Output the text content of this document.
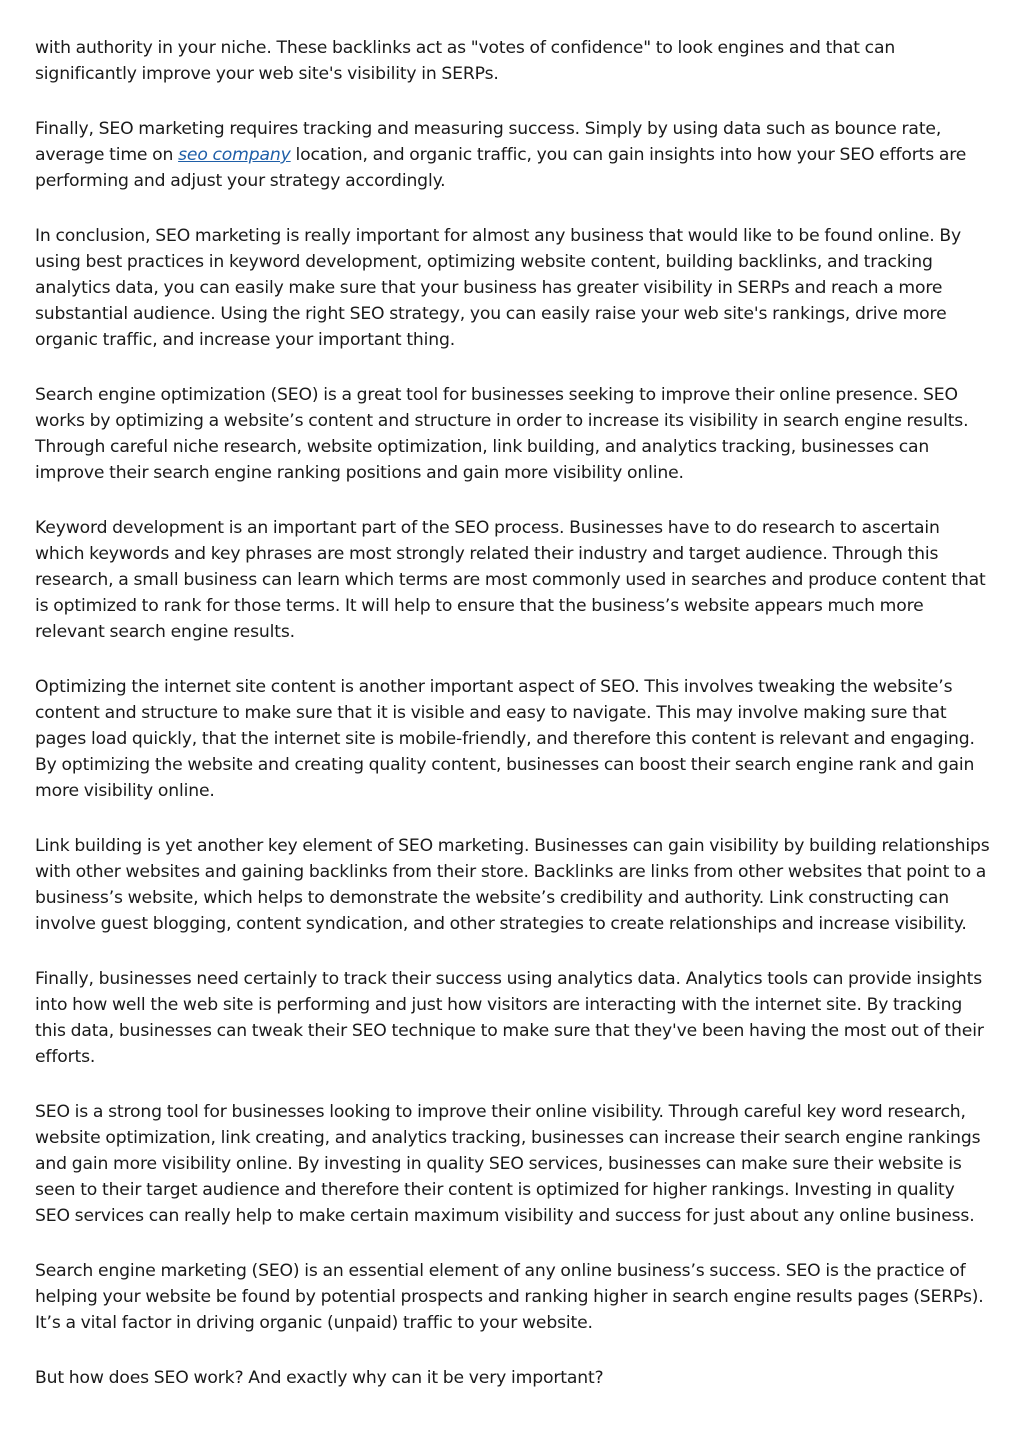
with authority in your niche. These backlinks act as "votes of confidence" to look engines and that can significantly improve your web site's visibility in SERPs.

Finally, SEO marketing requires tracking and measuring success. Simply by using data such as bounce rate, average time on seo company location, and organic traffic, you can gain insights into how your SEO efforts are performing and adjust your strategy accordingly.

In conclusion, SEO marketing is really important for almost any business that would like to be found online. By using best practices in keyword development, optimizing website content, building backlinks, and tracking analytics data, you can easily make sure that your business has greater visibility in SERPs and reach a more substantial audience. Using the right SEO strategy, you can easily raise your web site's rankings, drive more organic traffic, and increase your important thing.

Search engine optimization (SEO) is a great tool for businesses seeking to improve their online presence. SEO works by optimizing a website’s content and structure in order to increase its visibility in search engine results. Through careful niche research, website optimization, link building, and analytics tracking, businesses can improve their search engine ranking positions and gain more visibility online.

Keyword development is an important part of the SEO process. Businesses have to do research to ascertain which keywords and key phrases are most strongly related their industry and target audience. Through this research, a small business can learn which terms are most commonly used in searches and produce content that is optimized to rank for those terms. It will help to ensure that the business’s website appears much more relevant search engine results.

Optimizing the internet site content is another important aspect of SEO. This involves tweaking the website’s content and structure to make sure that it is visible and easy to navigate. This may involve making sure that pages load quickly, that the internet site is mobile-friendly, and therefore this content is relevant and engaging. By optimizing the website and creating quality content, businesses can boost their search engine rank and gain more visibility online.

Link building is yet another key element of SEO marketing. Businesses can gain visibility by building relationships with other websites and gaining backlinks from their store. Backlinks are links from other websites that point to a business’s website, which helps to demonstrate the website’s credibility and authority. Link constructing can involve guest blogging, content syndication, and other strategies to create relationships and increase visibility.

Finally, businesses need certainly to track their success using analytics data. Analytics tools can provide insights into how well the web site is performing and just how visitors are interacting with the internet site. By tracking this data, businesses can tweak their SEO technique to make sure that they've been having the most out of their efforts.

SEO is a strong tool for businesses looking to improve their online visibility. Through careful key word research, website optimization, link creating, and analytics tracking, businesses can increase their search engine rankings and gain more visibility online. By investing in quality SEO services, businesses can make sure their website is seen to their target audience and therefore their content is optimized for higher rankings. Investing in quality SEO services can really help to make certain maximum visibility and success for just about any online business.

Search engine marketing (SEO) is an essential element of any online business’s success. SEO is the practice of helping your website be found by potential prospects and ranking higher in search engine results pages (SERPs). It’s a vital factor in driving organic (unpaid) traffic to your website.

But how does SEO work? And exactly why can it be very important?
